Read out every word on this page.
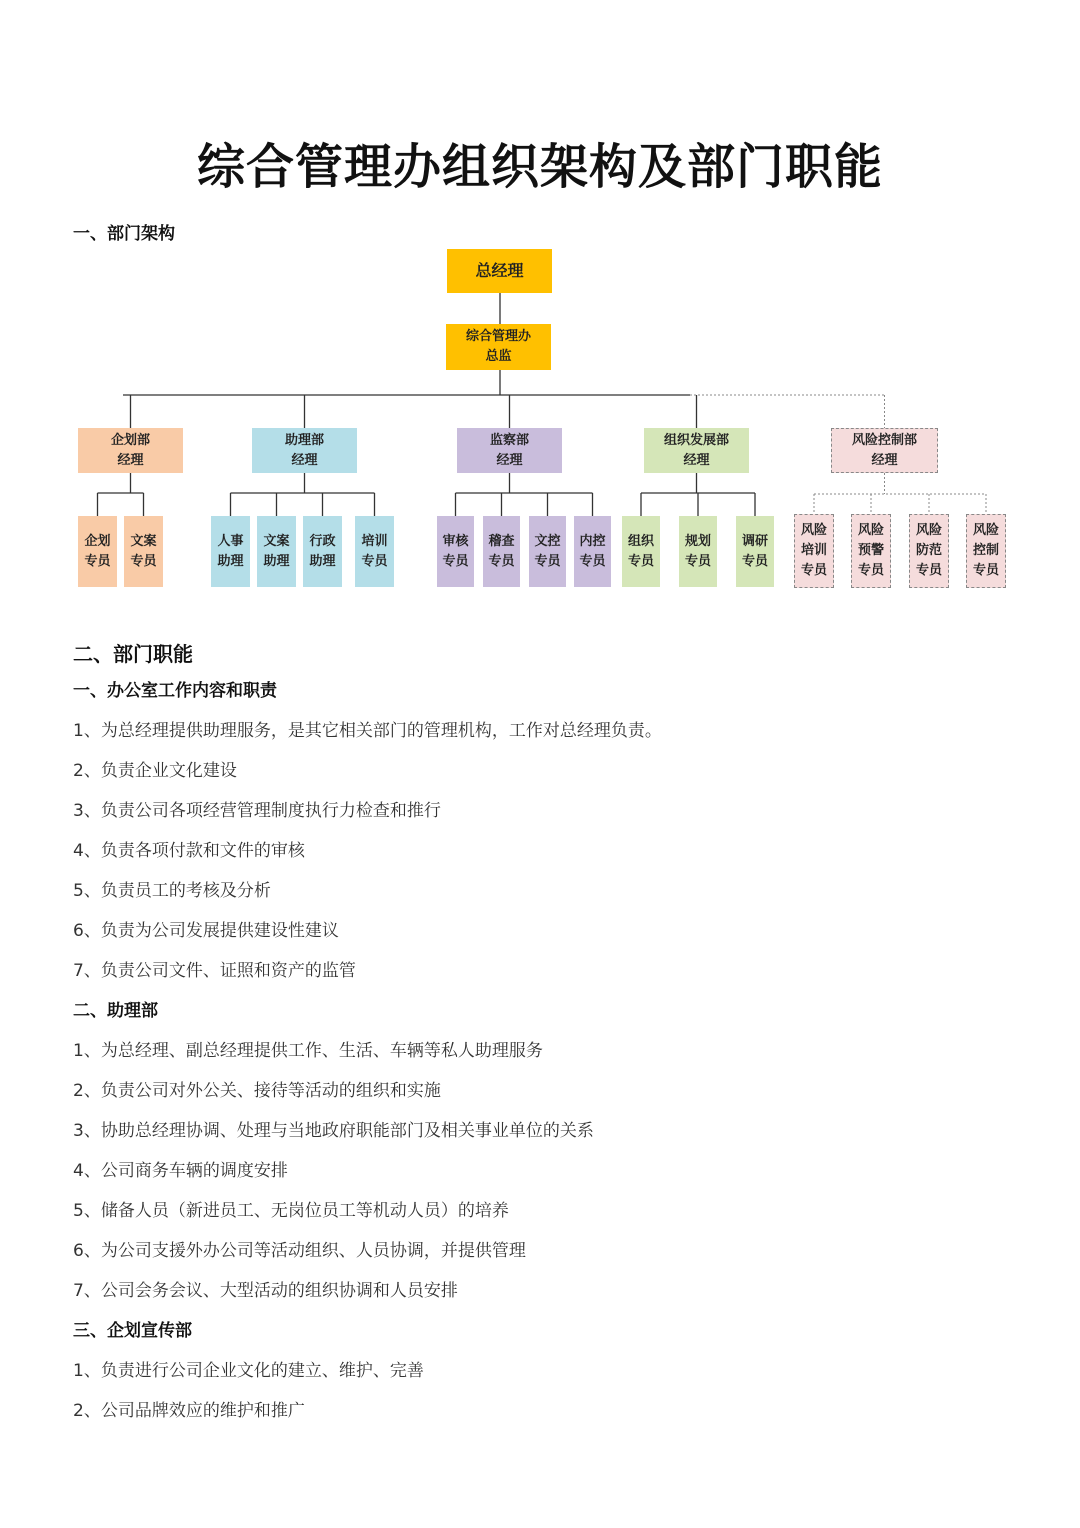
综合管理办组织架构及部门职能
一、部门架构
总经理
综合管理办
总监
企划部
经理
企划
专员
文案
专员
助理部
经理
人事
助理
文案
助理
行政
助理
培训
专员
监察部
经理
审核
专员
稽查
专员
文控
专员
内控
专员
组织发展部
经理
组织
专员
规划
专员
调研
专员
风险控制部
经理
风险
培训
专员
风险
预警
专员
风险
防范
专员
风险
控制
专员
二、部门职能
一、办公室工作内容和职责
1、为总经理提供助理服务，是其它相关部门的管理机构，工作对总经理负责。
2、负责企业文化建设
3、负责公司各项经营管理制度执行力检查和推行
4、负责各项付款和文件的审核
5、负责员工的考核及分析
6、负责为公司发展提供建设性建议
7、负责公司文件、证照和资产的监管
二、助理部
1、为总经理、副总经理提供工作、生活、车辆等私人助理服务
2、负责公司对外公关、接待等活动的组织和实施
3、协助总经理协调、处理与当地政府职能部门及相关事业单位的关系
4、公司商务车辆的调度安排
5、储备人员（新进员工、无岗位员工等机动人员）的培养
6、为公司支援外办公司等活动组织、人员协调，并提供管理
7、公司会务会议、大型活动的组织协调和人员安排
三、企划宣传部
1、负责进行公司企业文化的建立、维护、完善
2、公司品牌效应的维护和推广
